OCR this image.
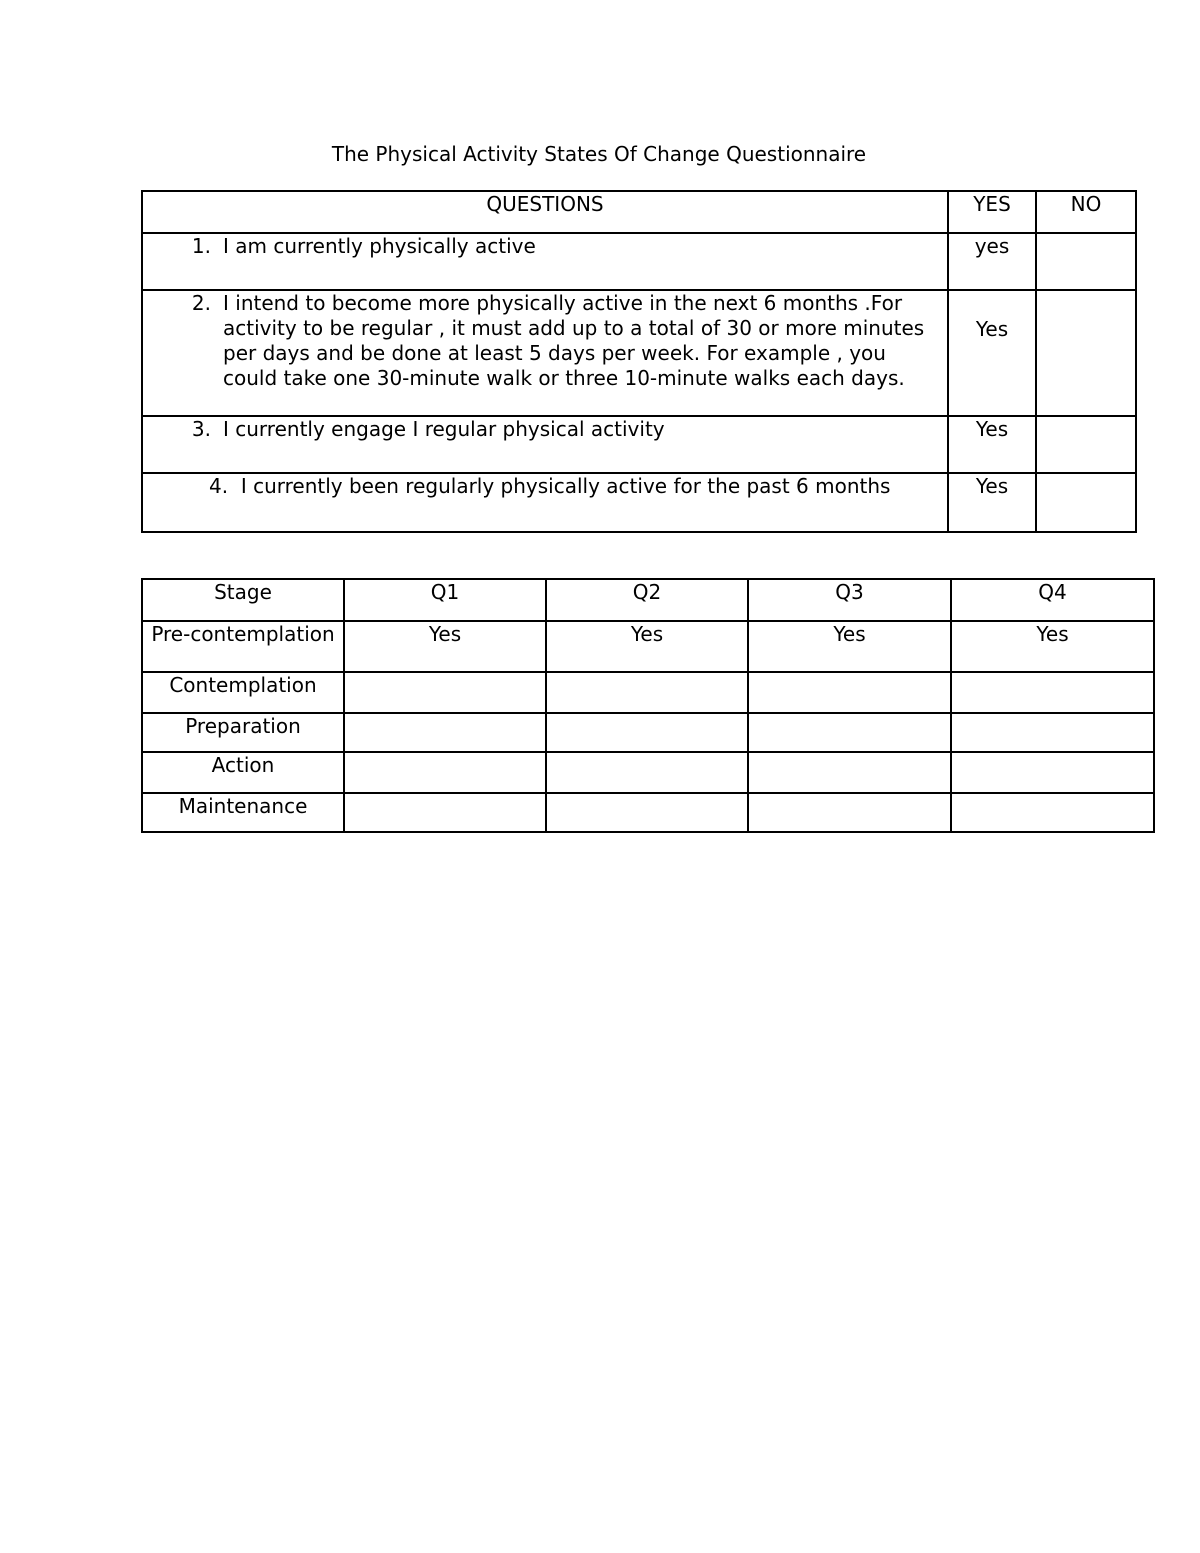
The Physical Activity States Of Change Questionnaire
QUESTIONS	YES	NO

1. I am currently physically active	yes	

2. I intend to become more physically active in the next 6 months .For activity to be regular , it must add up to a total of 30 or more minutes per days and be done at least 5 days per week. For example , you could take one 30-minute walk or three 10-minute walks each days.	Yes	

3. I currently engage I regular physical activity	Yes	

4. I currently been regularly physically active for the past 6 months	Yes	
Stage	Q1	Q2	Q3	Q4
Pre-contemplation	Yes	Yes	Yes	Yes
Contemplation				
Preparation				
Action				
Maintenance				
